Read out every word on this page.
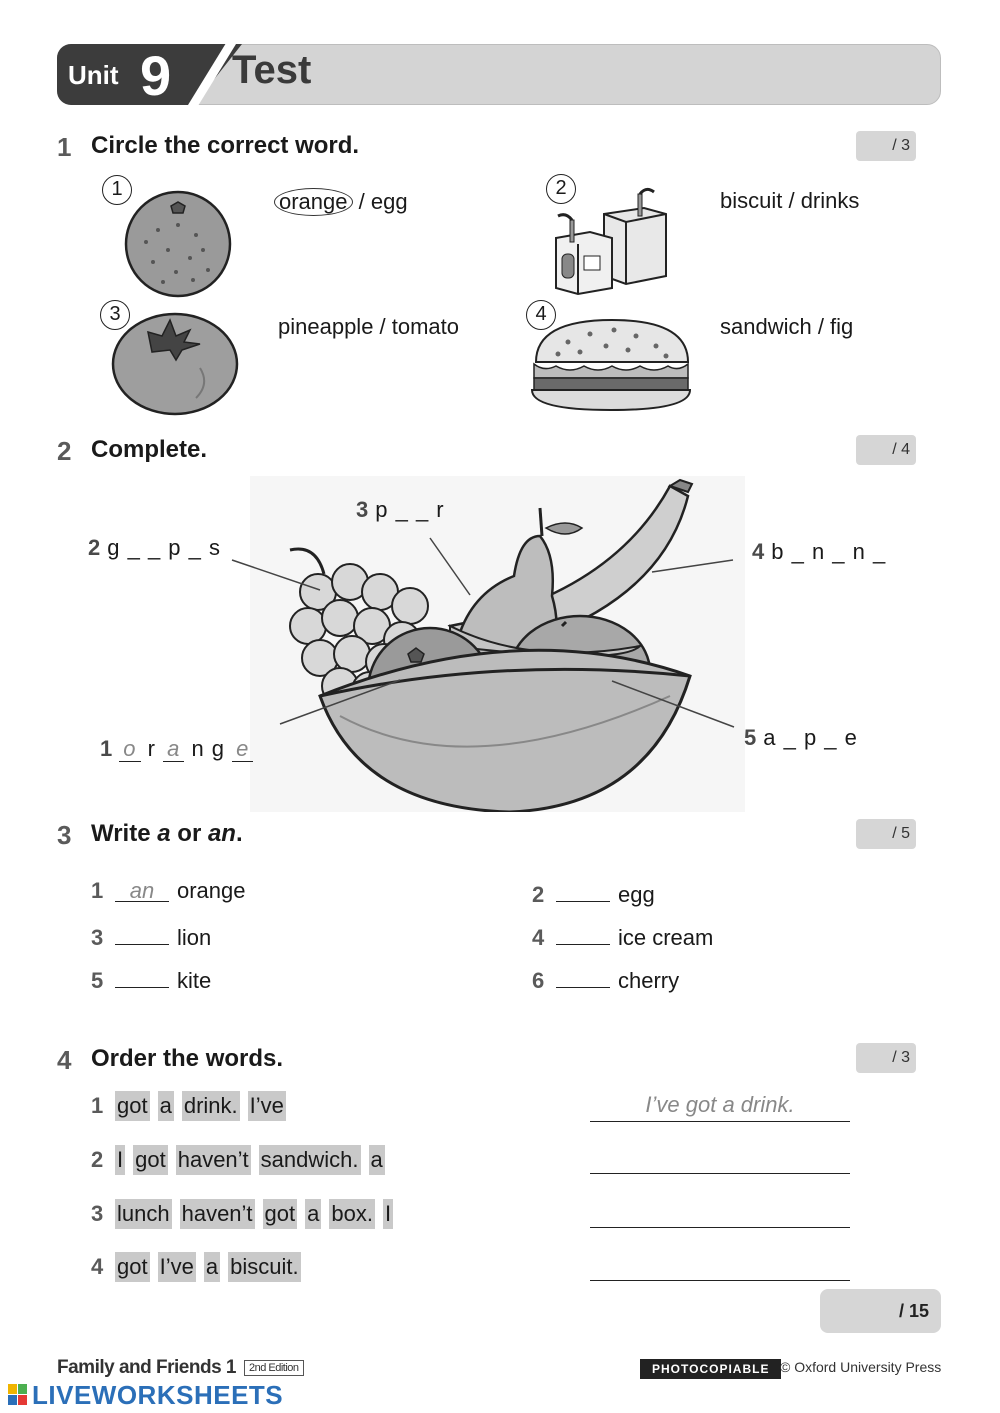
Unit 9 Test
1 Circle the correct word.	/ 3
1	orange / egg
2	biscuit / drinks
3	pineapple / tomato	4	sandwich / fig
2 Complete.	/ 4
2 g _ _ p _ s
3 p _ _ r
4 b _ n _ n _
5 a _ p _ e
1 o r a n g e
3 Write a or an.	/ 5
1 an orange	2	egg
3	lion	4	ice cream
5	kite	6	cherry
4 Order the words.	/ 3
1 got a drink. I’ve	I’ve got a drink.
2 I got haven’t sandwich. a
3 lunch haven’t got a box. I
4 got I’ve a biscuit.
/ 15
Family and Friends 1 2nd Edition	PHOTOCOPIABLE © Oxford University Press
LIVEWORKSHEETS
